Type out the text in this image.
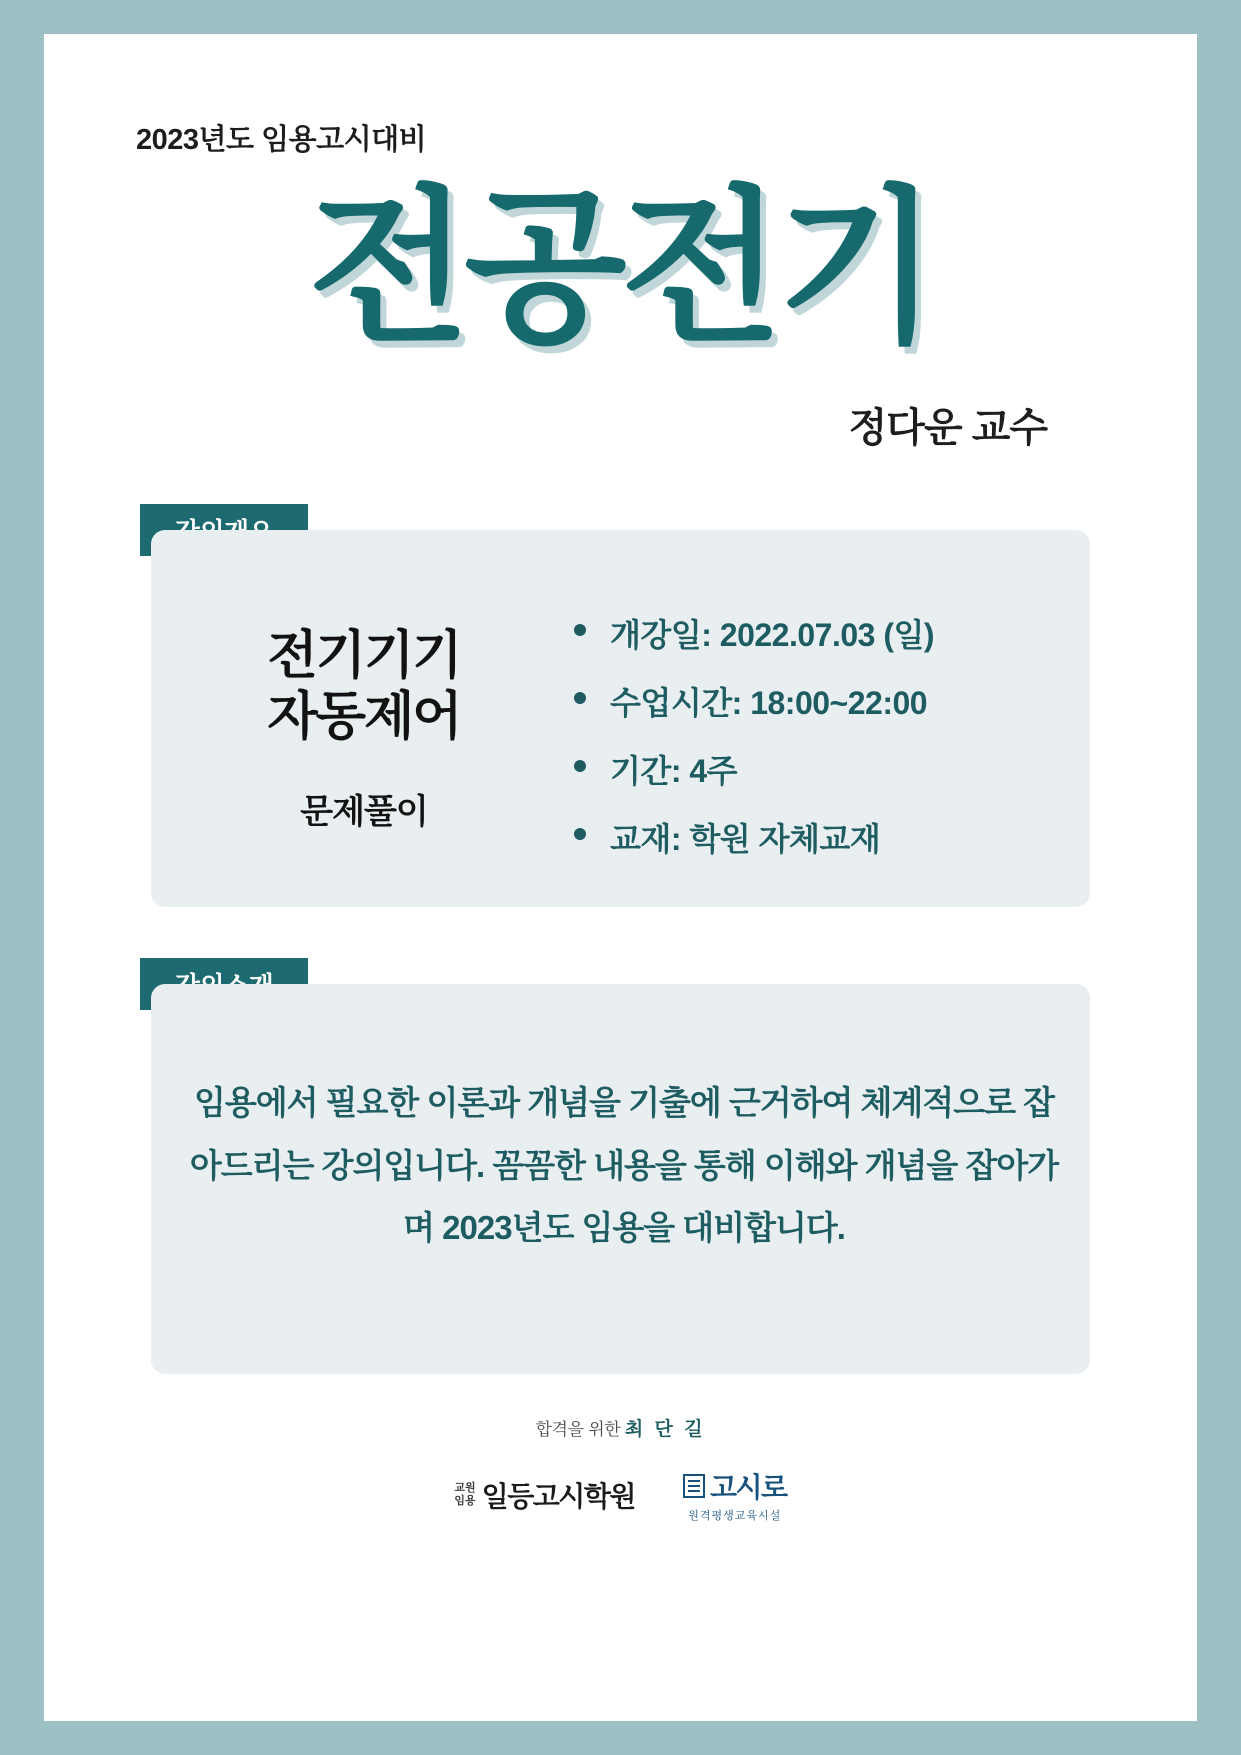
2023년도 임용고시대비
전공전기
정다운 교수
전기기기
자동제어
문제풀이
개강일: 2022.07.03 (일)
수업시간: 18:00~22:00
기간: 4주
교재: 학원 자체교재
임용에서 필요한 이론과 개념을 기출에 근거하여 체계적으로 잡아드리는 강의입니다. 꼼꼼한 내용을 통해 이해와 개념을 잡아가며 2023년도 임용을 대비합니다.
합격을 위한 최 단 길
교원
임용 일등고시학원	고시로
원격평생교육시설
